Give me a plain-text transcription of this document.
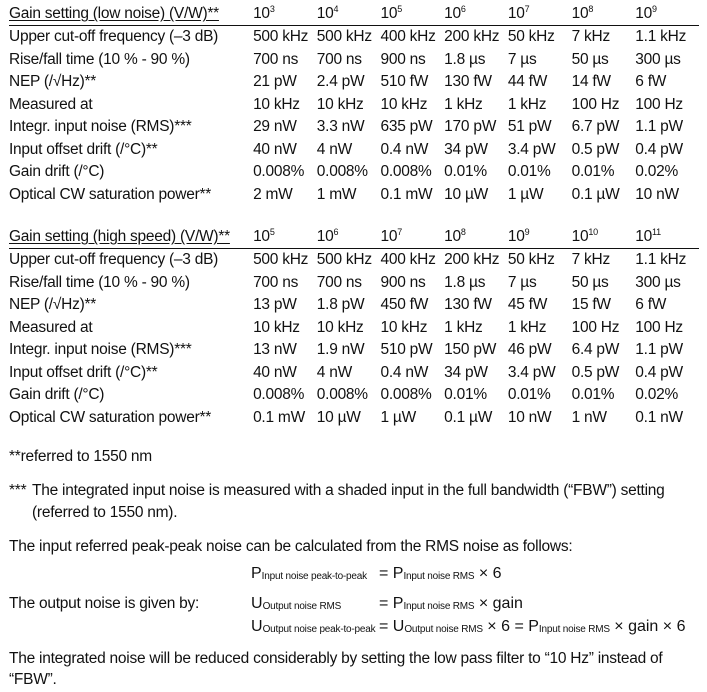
Gain setting (low noise) (V/W)**	$10^3$	$10^4$	$10^5$	$10^6$	$10^7$	$10^8$	$10^9$
Upper cut-off frequency (–3 dB)	500 kHz	500 kHz	400 kHz	200 kHz	50 kHz	7 kHz	1.1 kHz
Rise/fall time (10 % - 90 %)	700 ns	700 ns	900 ns	1.8 µs	7 µs	50 µs	300 µs
NEP (/√Hz)**	21 pW	2.4 pW	510 fW	130 fW	44 fW	14 fW	6 fW
Measured at	10 kHz	10 kHz	10 kHz	1 kHz	1 kHz	100 Hz	100 Hz
Integr. input noise (RMS)***	29 nW	3.3 nW	635 pW	170 pW	51 pW	6.7 pW	1.1 pW
Input offset drift (/°C)**	40 nW	4 nW	0.4 nW	34 pW	3.4 pW	0.5 pW	0.4 pW
Gain drift (/°C)	0.008%	0.008%	0.008%	0.01%	0.01%	0.01%	0.02%
Optical CW saturation power**	2 mW	1 mW	0.1 mW	10 µW	1 µW	0.1 µW	10 nW
Gain setting (high speed) (V/W)**	$10^5$	$10^6$	$10^7$	$10^8$	$10^9$	$10^{10}$	$10^{11}$
Upper cut-off frequency (–3 dB)	500 kHz	500 kHz	400 kHz	200 kHz	50 kHz	7 kHz	1.1 kHz
Rise/fall time (10 % - 90 %)	700 ns	700 ns	900 ns	1.8 µs	7 µs	50 µs	300 µs
NEP (/√Hz)**	13 pW	1.8 pW	450 fW	130 fW	45 fW	15 fW	6 fW
Measured at	10 kHz	10 kHz	10 kHz	1 kHz	1 kHz	100 Hz	100 Hz
Integr. input noise (RMS)***	13 nW	1.9 nW	510 pW	150 pW	46 pW	6.4 pW	1.1 pW
Input offset drift (/°C)**	40 nW	4 nW	0.4 nW	34 pW	3.4 pW	0.5 pW	0.4 pW
Gain drift (/°C)	0.008%	0.008%	0.008%	0.01%	0.01%	0.01%	0.02%
Optical CW saturation power**	0.1 mW	10 µW	1 µW	0.1 µW	10 nW	1 nW	0.1 nW
**referred to 1550 nm
*** The integrated input noise is measured with a shaded input in the full bandwidth (“FBW”) setting (referred to 1550 nm).
The input referred peak-peak noise can be calculated from the RMS noise as follows:
PInput noise peak-to-peak = PInput noise RMS × 6
The output noise is given by:	UOutput noise RMS = PInput noise RMS × gain
UOutput noise peak-to-peak = UOutput noise RMS × 6 = PInput noise RMS × gain × 6
The integrated noise will be reduced considerably by setting the low pass filter to “10 Hz” instead of “FBW”.
